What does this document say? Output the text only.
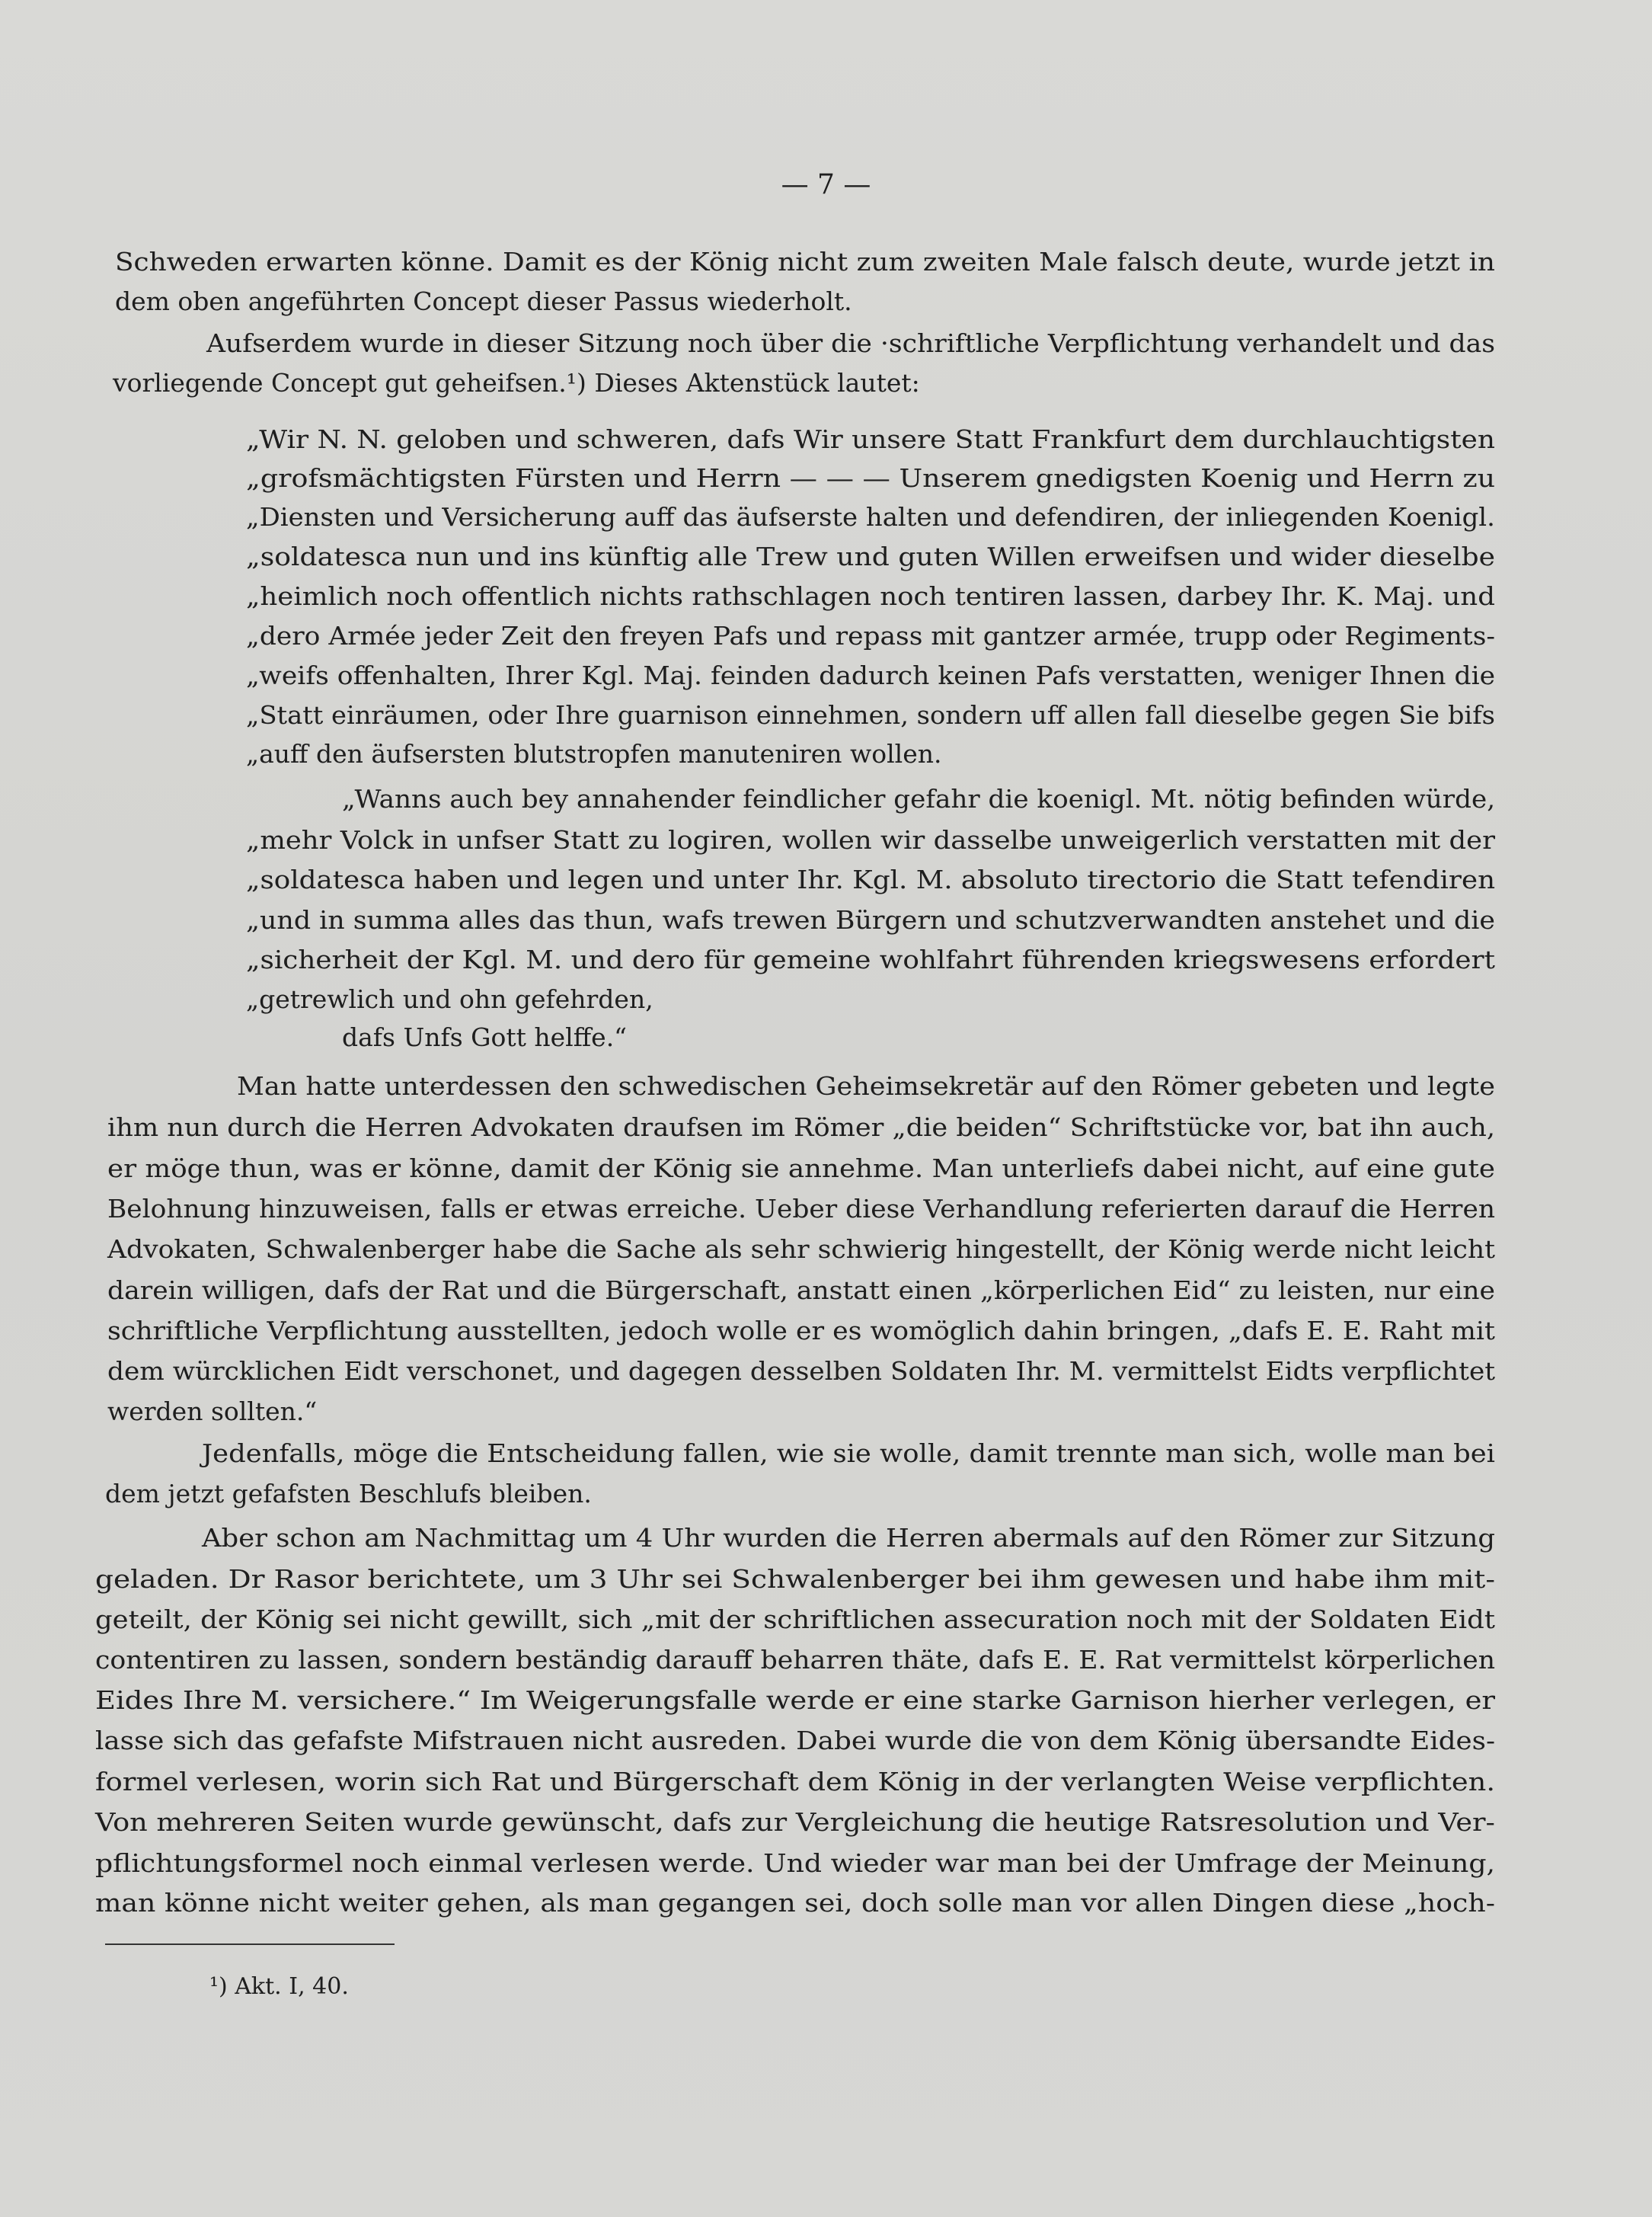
— 7 —

Schweden erwarten könne. Damit es der König nicht zum zweiten Male falsch deute, wurde jetzt in

dem oben angeführten Concept dieser Passus wiederholt.

Aufserdem wurde in dieser Sitzung noch über die ·schriftliche Verpflichtung verhandelt und das

vorliegende Concept gut geheifsen.¹) Dieses Aktenstück lautet:

„Wir N. N. geloben und schweren, dafs Wir unsere Statt Frankfurt dem durchlauchtigsten

„grofsmächtigsten Fürsten und Herrn — — — Unserem gnedigsten Koenig und Herrn zu

„Diensten und Versicherung auff das äufserste halten und defendiren, der inliegenden Koenigl.

„soldatesca nun und ins künftig alle Trew und guten Willen erweifsen und wider dieselbe

„heimlich noch offentlich nichts rathschlagen noch tentiren lassen, darbey Ihr. K. Maj. und

„dero Armée jeder Zeit den freyen Pafs und repass mit gantzer armée, trupp oder Regiments-

„weifs offenhalten, Ihrer Kgl. Maj. feinden dadurch keinen Pafs verstatten, weniger Ihnen die

„Statt einräumen, oder Ihre guarnison einnehmen, sondern uff allen fall dieselbe gegen Sie bifs

„auff den äufsersten blutstropfen manuteniren wollen.

„Wanns auch bey annahender feindlicher gefahr die koenigl. Mt. nötig befinden würde,

„mehr Volck in unfser Statt zu logiren, wollen wir dasselbe unweigerlich verstatten mit der

„soldatesca haben und legen und unter Ihr. Kgl. M. absoluto tirectorio die Statt tefendiren

„und in summa alles das thun, wafs trewen Bürgern und schutzverwandten anstehet und die

„sicherheit der Kgl. M. und dero für gemeine wohlfahrt führenden kriegswesens erfordert

„getrewlich und ohn gefehrden,

dafs Unfs Gott helffe.“

Man hatte unterdessen den schwedischen Geheimsekretär auf den Römer gebeten und legte

ihm nun durch die Herren Advokaten draufsen im Römer „die beiden“ Schriftstücke vor, bat ihn auch,

er möge thun, was er könne, damit der König sie annehme. Man unterliefs dabei nicht, auf eine gute

Belohnung hinzuweisen, falls er etwas erreiche. Ueber diese Verhandlung referierten darauf die Herren

Advokaten, Schwalenberger habe die Sache als sehr schwierig hingestellt, der König werde nicht leicht

darein willigen, dafs der Rat und die Bürgerschaft, anstatt einen „körperlichen Eid“ zu leisten, nur eine

schriftliche Verpflichtung ausstellten, jedoch wolle er es womöglich dahin bringen, „dafs E. E. Raht mit

dem würcklichen Eidt verschonet, und dagegen desselben Soldaten Ihr. M. vermittelst Eidts verpflichtet

werden sollten.“

Jedenfalls, möge die Entscheidung fallen, wie sie wolle, damit trennte man sich, wolle man bei

dem jetzt gefafsten Beschlufs bleiben.

Aber schon am Nachmittag um 4 Uhr wurden die Herren abermals auf den Römer zur Sitzung

geladen. Dr Rasor berichtete, um 3 Uhr sei Schwalenberger bei ihm gewesen und habe ihm mit-

geteilt, der König sei nicht gewillt, sich „mit der schriftlichen assecuration noch mit der Soldaten Eidt

contentiren zu lassen, sondern beständig darauff beharren thäte, dafs E. E. Rat vermittelst körperlichen

Eides Ihre M. versichere.“ Im Weigerungsfalle werde er eine starke Garnison hierher verlegen, er

lasse sich das gefafste Mifstrauen nicht ausreden. Dabei wurde die von dem König übersandte Eides-

formel verlesen, worin sich Rat und Bürgerschaft dem König in der verlangten Weise verpflichten.

Von mehreren Seiten wurde gewünscht, dafs zur Vergleichung die heutige Ratsresolution und Ver-

pflichtungsformel noch einmal verlesen werde. Und wieder war man bei der Umfrage der Meinung,

man könne nicht weiter gehen, als man gegangen sei, doch solle man vor allen Dingen diese „hoch-

¹) Akt. I, 40.
